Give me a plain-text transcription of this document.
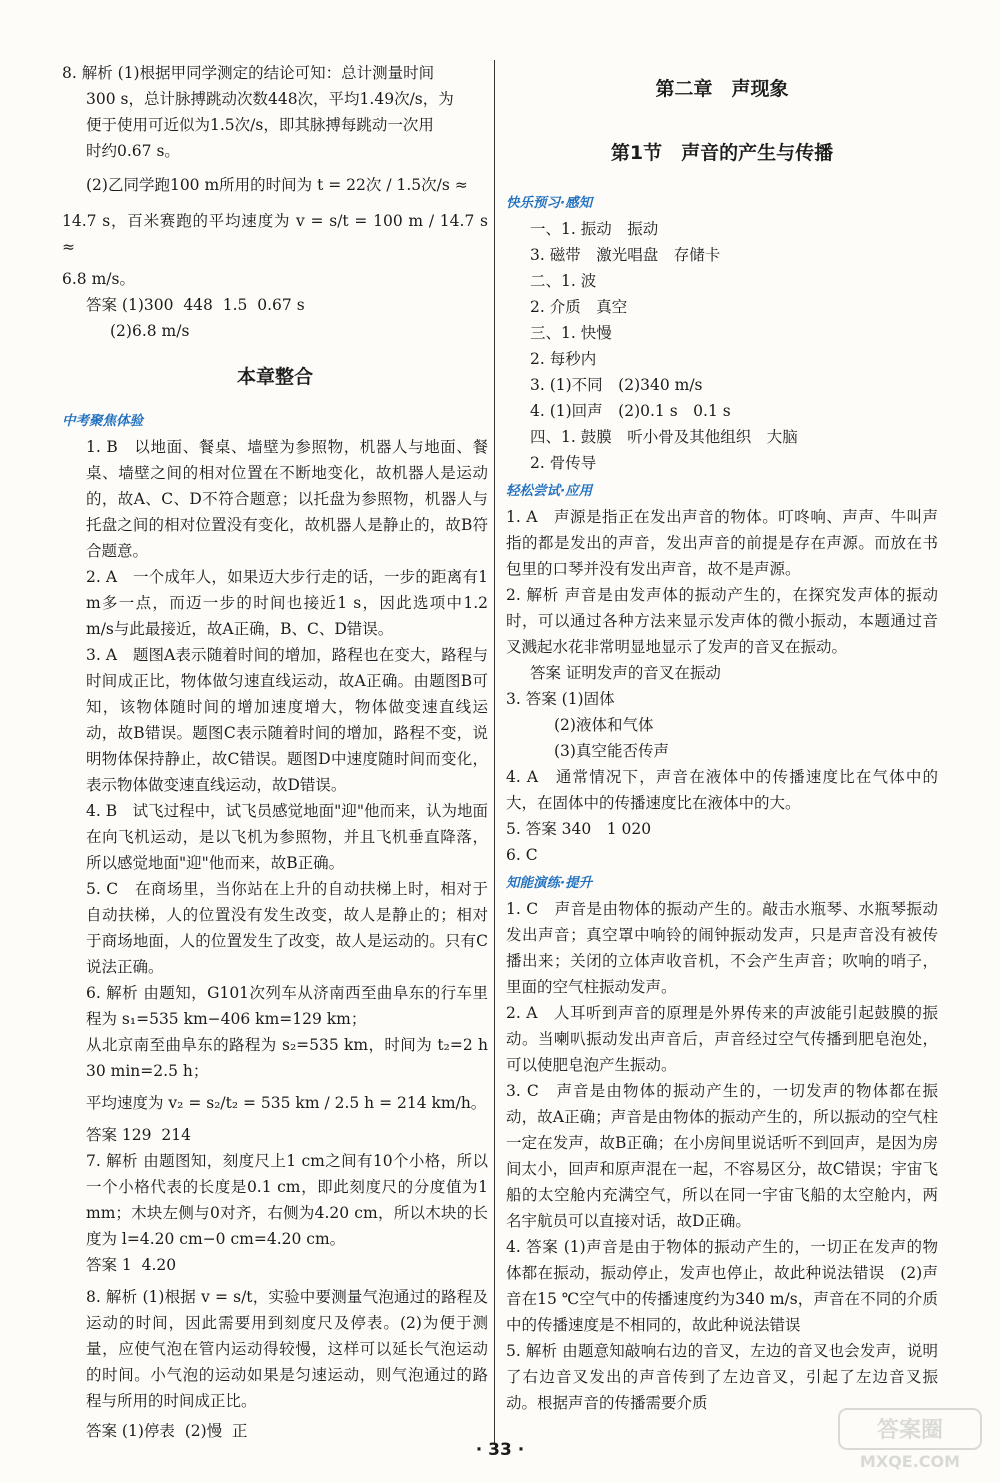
8. 解析 (1)根据甲同学测定的结论可知：总计测量时间

300 s，总计脉搏跳动次数448次，平均1.49次/s，为

便于使用可近似为1.5次/s，即其脉搏每跳动一次用

时约0.67 s。

(2)乙同学跑100 m所用的时间为 t = 22次 / 1.5次/s ≈

14.7 s，百米赛跑的平均速度为 v = s/t = 100 m / 14.7 s ≈

6.8 m/s。

答案 (1)300  448  1.5  0.67 s

(2)6.8 m/s

本章整合
中考聚焦体验

1. B　以地面、餐桌、墙壁为参照物，机器人与地面、餐桌、墙壁之间的相对位置在不断地变化，故机器人是运动的，故A、C、D不符合题意；以托盘为参照物，机器人与托盘之间的相对位置没有变化，故机器人是静止的，故B符合题意。

2. A　一个成年人，如果迈大步行走的话，一步的距离有1 m多一点，而迈一步的时间也接近1 s，因此选项中1.2 m/s与此最接近，故A正确，B、C、D错误。

3. A　题图A表示随着时间的增加，路程也在变大，路程与时间成正比，物体做匀速直线运动，故A正确。由题图B可知，该物体随时间的增加速度增大，物体做变速直线运动，故B错误。题图C表示随着时间的增加，路程不变，说明物体保持静止，故C错误。题图D中速度随时间而变化，表示物体做变速直线运动，故D错误。

4. B　试飞过程中，试飞员感觉地面"迎"他而来，认为地面在向飞机运动，是以飞机为参照物，并且飞机垂直降落，所以感觉地面"迎"他而来，故B正确。

5. C　在商场里，当你站在上升的自动扶梯上时，相对于自动扶梯，人的位置没有发生改变，故人是静止的；相对于商场地面，人的位置发生了改变，故人是运动的。只有C说法正确。

6. 解析 由题知，G101次列车从济南西至曲阜东的行车里程为 s₁=535 km−406 km=129 km；

从北京南至曲阜东的路程为 s₂=535 km，时间为 t₂=2 h 30 min=2.5 h；

平均速度为 v₂ = s₂/t₂ = 535 km / 2.5 h = 214 km/h。

答案 129  214

7. 解析 由题图知，刻度尺上1 cm之间有10个小格，所以一个小格代表的长度是0.1 cm，即此刻度尺的分度值为1 mm；木块左侧与0对齐，右侧为4.20 cm，所以木块的长度为 l=4.20 cm−0 cm=4.20 cm。

答案 1  4.20

8. 解析 (1)根据 v = s/t，实验中要测量气泡通过的路程及运动的时间，因此需要用到刻度尺及停表。(2)为便于测量，应使气泡在管内运动得较慢，这样可以延长气泡运动的时间。小气泡的运动如果是匀速运动，则气泡通过的路程与所用的时间成正比。

答案 (1)停表  (2)慢  正

第二章　声现象
第1节　声音的产生与传播
快乐预习·感知

一、1. 振动　振动

3. 磁带　激光唱盘　存储卡

二、1. 波

2. 介质　真空

三、1. 快慢

2. 每秒内

3. (1)不同　(2)340 m/s

4. (1)回声　(2)0.1 s　0.1 s

四、1. 鼓膜　听小骨及其他组织　大脑

2. 骨传导

轻松尝试·应用

1. A　声源是指正在发出声音的物体。叮咚响、声声、牛叫声指的都是发出的声音，发出声音的前提是存在声源。而放在书包里的口琴并没有发出声音，故不是声源。

2. 解析 声音是由发声体的振动产生的，在探究发声体的振动时，可以通过各种方法来显示发声体的微小振动，本题通过音叉溅起水花非常明显地显示了发声的音叉在振动。

答案 证明发声的音叉在振动

3. 答案 (1)固体

(2)液体和气体

(3)真空能否传声

4. A　通常情况下，声音在液体中的传播速度比在气体中的大，在固体中的传播速度比在液体中的大。

5. 答案 340　1 020

6. C

知能演练·提升

1. C　声音是由物体的振动产生的。敲击水瓶琴、水瓶琴振动发出声音；真空罩中响铃的闹钟振动发声，只是声音没有被传播出来；关闭的立体声收音机，不会产生声音；吹响的哨子，里面的空气柱振动发声。

2. A　人耳听到声音的原理是外界传来的声波能引起鼓膜的振动。当喇叭振动发出声音后，声音经过空气传播到肥皂泡处，可以使肥皂泡产生振动。

3. C　声音是由物体的振动产生的，一切发声的物体都在振动，故A正确；声音是由物体的振动产生的，所以振动的空气柱一定在发声，故B正确；在小房间里说话听不到回声，是因为房间太小，回声和原声混在一起，不容易区分，故C错误；宇宙飞船的太空舱内充满空气，所以在同一宇宙飞船的太空舱内，两名宇航员可以直接对话，故D正确。

4. 答案 (1)声音是由于物体的振动产生的，一切正在发声的物体都在振动，振动停止，发声也停止，故此种说法错误　(2)声音在15 ℃空气中的传播速度约为340 m/s，声音在不同的介质中的传播速度是不相同的，故此种说法错误

5. 解析 由题意知敲响右边的音叉，左边的音叉也会发声，说明了右边音叉发出的声音传到了左边音叉，引起了左边音叉振动。根据声音的传播需要介质

· 33 ·
答案圈
MXQE.COM
